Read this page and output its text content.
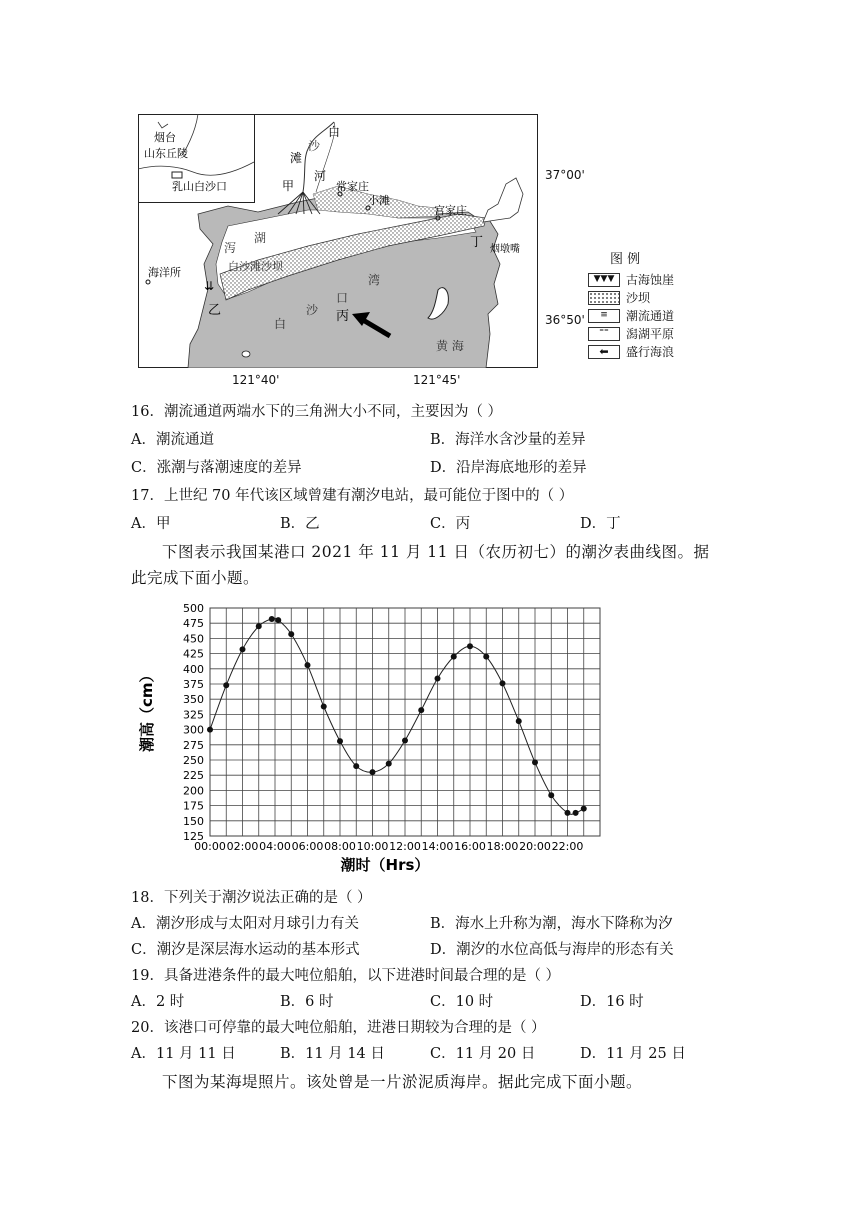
烟台
山东丘陵
乳山白沙口
白
沙
滩
河
甲	常家庄
小滩
宫家庄
丁 烟墩嘴
泻
湖
海洋所
乙
⇊
白沙滩沙坝
湾
口
沙
白	丙
黄 海
37°00'
36°50'
121°40'	121°45'
图 例
▼▼▼ 古海蚀崖
沙坝
≡	潮流通道
⁼⁼	潟湖平原
⬅	盛行海浪
16．潮流通道两端水下的三角洲大小不同，主要因为（ ）
A．潮流通道	B．海洋水含沙量的差异
C．涨潮与落潮速度的差异	D．沿岸海底地形的差异
17．上世纪 70 年代该区域曾建有潮汐电站，最可能位于图中的（ ）
A．甲	B．乙	C．丙	D．丁
下图表示我国某港口 2021 年 11 月 11 日（农历初七）的潮汐表曲线图。据
此完成下面小题。
125
150
175
200
225
250
275
300
325
350
375
400
425
450
475
500
00:00 02:00 04:00 06:00 08:00 10:00 12:00 14:00 16:00 18:00 20:00 22:00
潮高（cm）
潮时（Hrs）
18．下列关于潮汐说法正确的是（ ）
A．潮汐形成与太阳对月球引力有关	B．海水上升称为潮，海水下降称为汐
C．潮汐是深层海水运动的基本形式	D．潮汐的水位高低与海岸的形态有关
19．具备进港条件的最大吨位船舶，以下进港时间最合理的是（ ）
A．2 时	B．6 时	C．10 时	D．16 时
20．该港口可停靠的最大吨位船舶，进港日期较为合理的是（ ）
A．11 月 11 日	B．11 月 14 日	C．11 月 20 日	D．11 月 25 日
下图为某海堤照片。该处曾是一片淤泥质海岸。据此完成下面小题。
